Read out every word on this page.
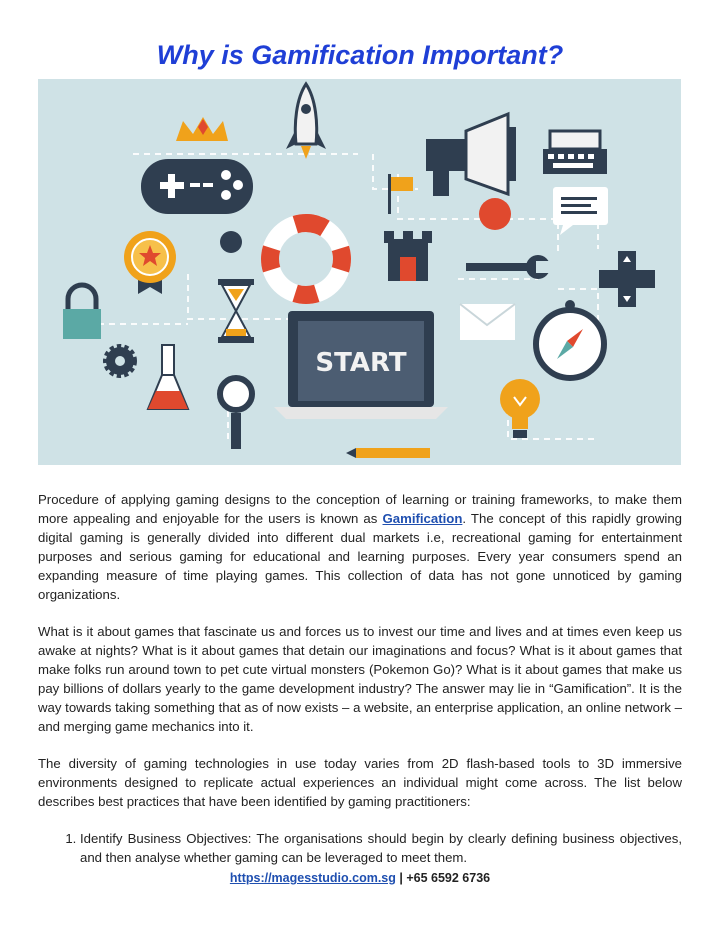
Why is Gamification Important?
START

Procedure of applying gaming designs to the conception of learning or training frameworks, to make them more appealing and enjoyable for the users is known as Gamification. The concept of this rapidly growing digital gaming is generally divided into different dual markets i.e, recreational gaming for entertainment purposes and serious gaming for educational and learning purposes. Every year consumers spend an expanding measure of time playing games. This collection of data has not gone unnoticed by gaming organizations.

What is it about games that fascinate us and forces us to invest our time and lives and at times even keep us awake at nights? What is it about games that detain our imaginations and focus? What is it about games that make folks run around town to pet cute virtual monsters (Pokemon Go)? What is it about games that make us pay billions of dollars yearly to the game development industry? The answer may lie in “Gamification”. It is the way towards taking something that as of now exists – a website, an enterprise application, an online network – and merging game mechanics into it.

The diversity of gaming technologies in use today varies from 2D flash-based tools to 3D immersive environments designed to replicate actual experiences an individual might come across. The list below describes best practices that have been identified by gaming practitioners:

1. Identify Business Objectives: The organisations should begin by clearly defining business objectives, and then analyse whether gaming can be leveraged to meet them.
https://magesstudio.com.sg | +65 6592 6736
